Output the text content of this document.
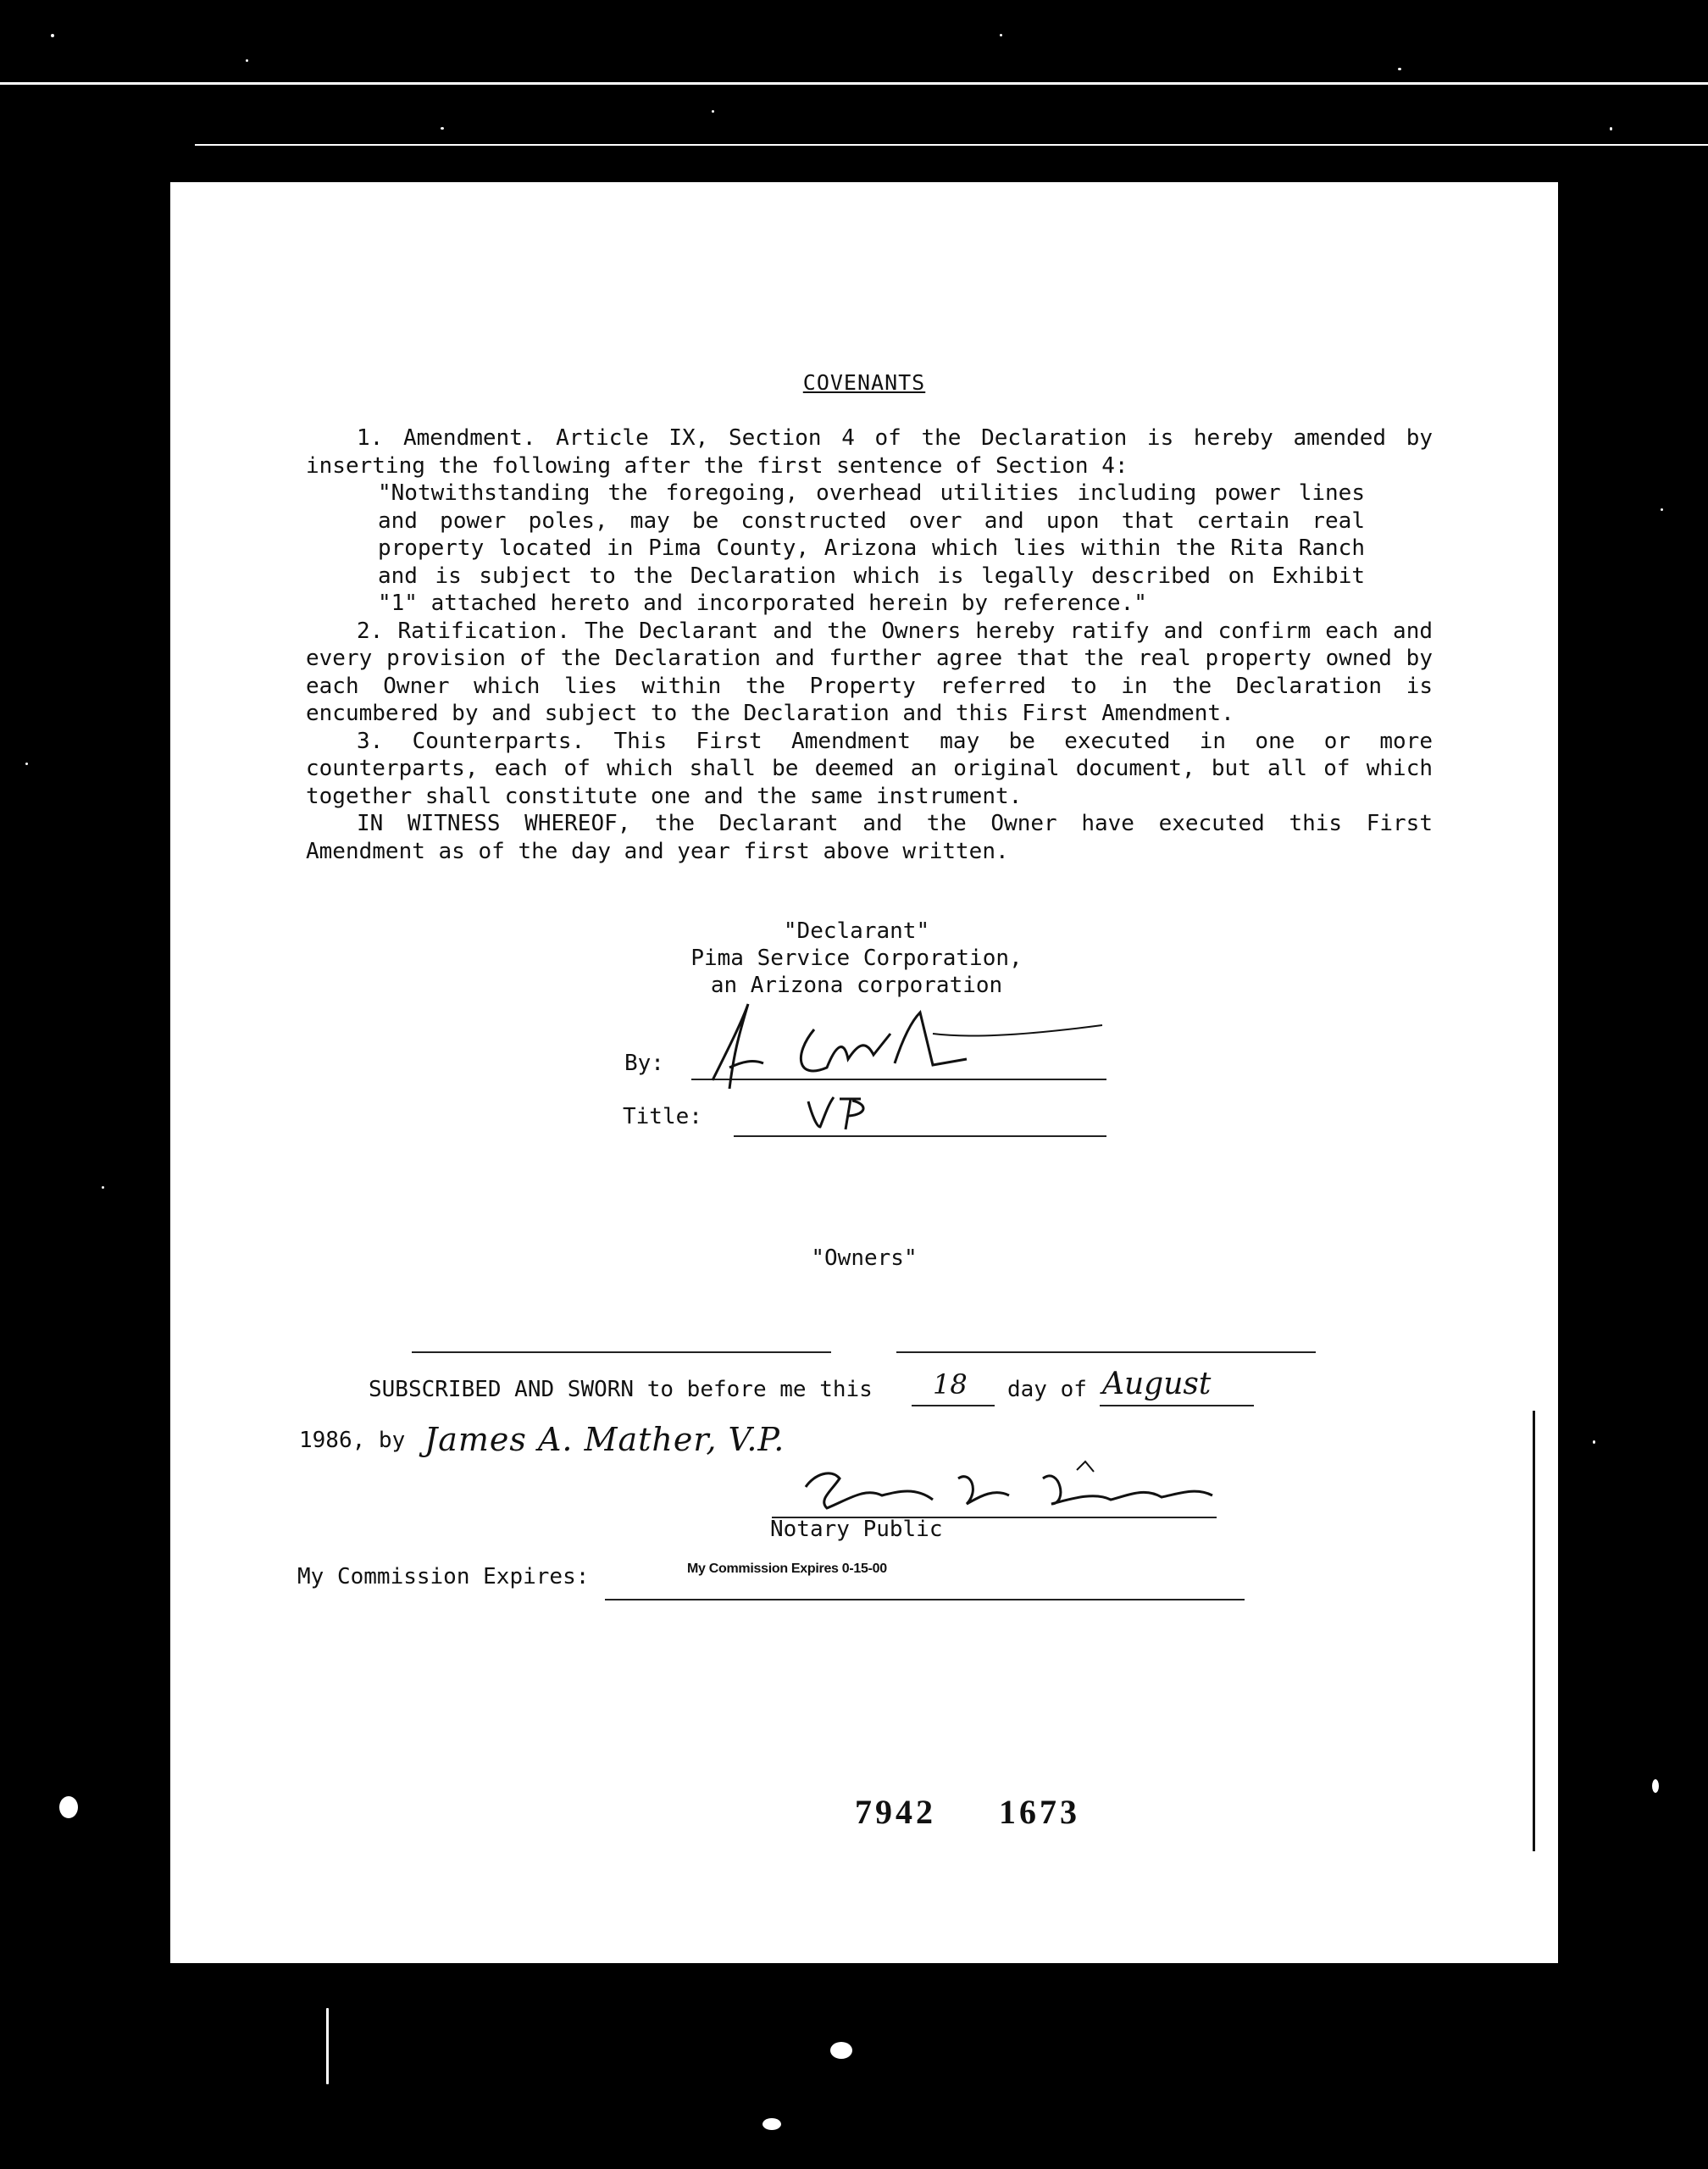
COVENANTS

1. Amendment. Article IX, Section 4 of the Declaration is hereby amended by inserting the following after the first sentence of Section 4:

"Notwithstanding the foregoing, overhead utilities including power lines and power poles, may be constructed over and upon that certain real property located in Pima County, Arizona which lies within the Rita Ranch and is subject to the Declaration which is legally described on Exhibit "1" attached hereto and incorporated herein by reference."

2. Ratification. The Declarant and the Owners hereby ratify and confirm each and every provision of the Declaration and further agree that the real property owned by each Owner which lies within the Property referred to in the Declaration is encumbered by and subject to the Declaration and this First Amendment.

3. Counterparts. This First Amendment may be executed in one or more counterparts, each of which shall be deemed an original document, but all of which together shall constitute one and the same instrument.

IN WITNESS WHEREOF, the Declarant and the Owner have executed this First Amendment as of the day and year first above written.

"Declarant"
Pima Service Corporation,
an Arizona corporation
By:
Title:
"Owners"
SUBSCRIBED AND SWORN to before me this 18 day of August
1986, by James A. Mather, V.P.
Notary Public
My Commission Expires:	My Commission Expires 0-15-00
7942 1673
